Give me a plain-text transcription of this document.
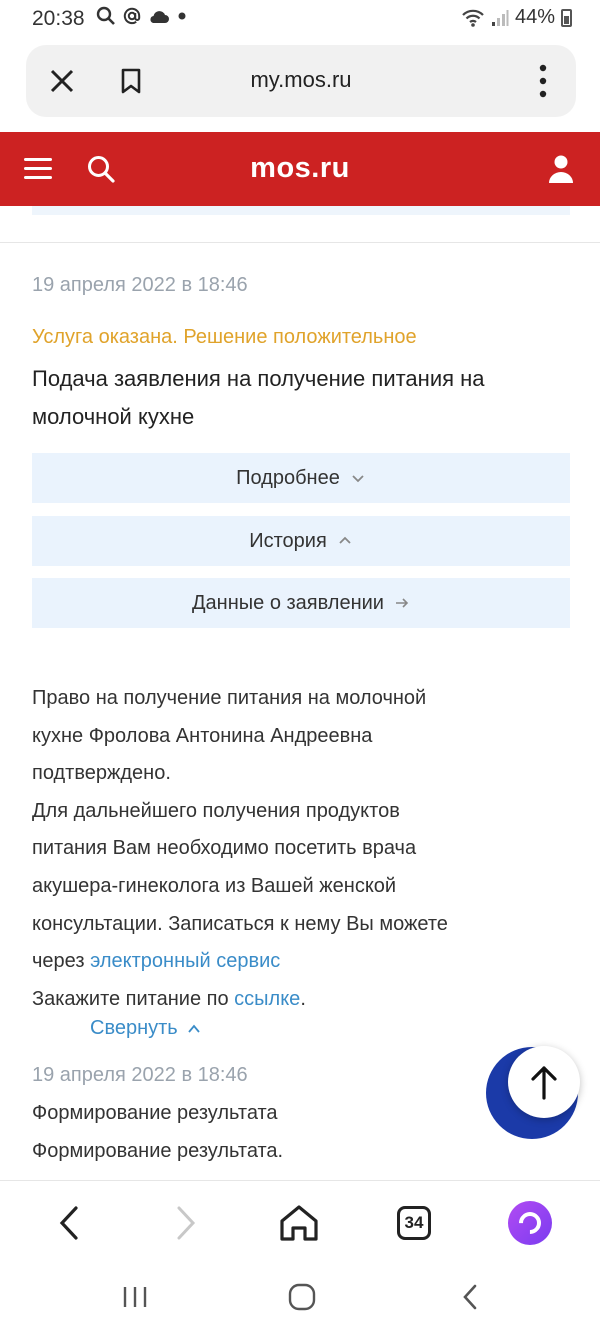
20:38	44%
my.mos.ru
mos.ru
19 апреля 2022 в 18:46
Услуга оказана. Решение положительное
Подача заявления на получение питания на молочной кухне
Подробнее
История
Данные о заявлении
Право на получение питания на молочной
кухне Фролова Антонина Андреевна
подтверждено.
Для дальнейшего получения продуктов
питания Вам необходимо посетить врача
акушера-гинеколога из Вашей женской
консультации. Записаться к нему Вы можете
через электронный сервис
Закажите питание по ссылке.
Свернуть
19 апреля 2022 в 18:46
Формирование результата
Формирование результата.
34
